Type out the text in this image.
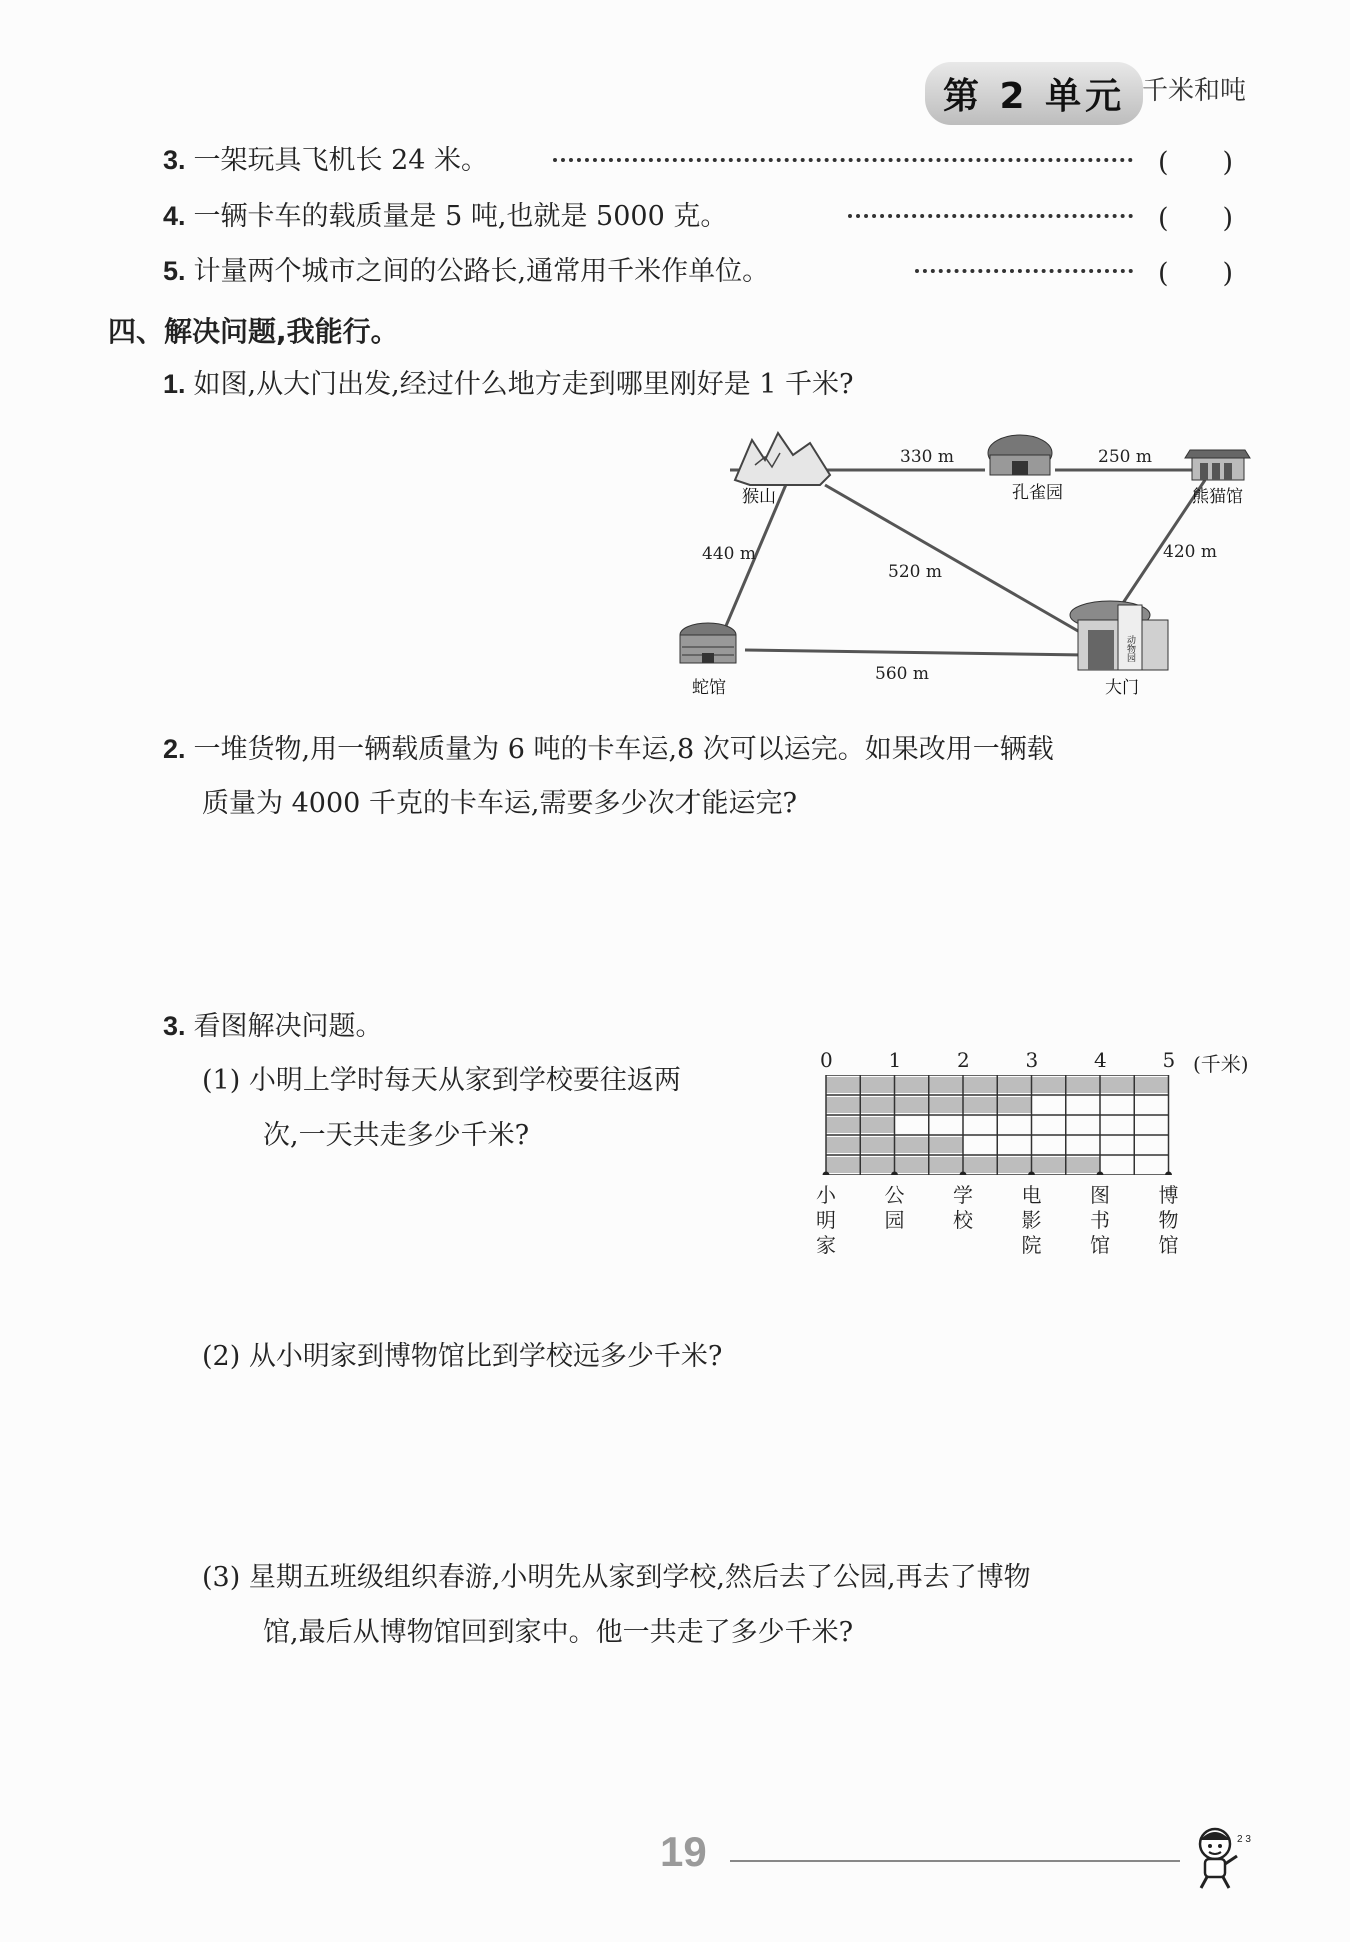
第 2 单元 千米和吨
3. 一架玩具飞机长 24 米。	(　　)
4. 一辆卡车的载质量是 5 吨,也就是 5000 克。	(　　)
5. 计量两个城市之间的公路长,通常用千米作单位。	(　　)
四、解决问题,我能行。
1. 如图,从大门出发,经过什么地方走到哪里刚好是 1 千米?
动物园
330 m	250 m
440 m
520 m
420 m
560 m
猴山	孔雀园	熊猫馆
蛇馆	大门
2. 一堆货物,用一辆载质量为 6 吨的卡车运,8 次可以运完。如果改用一辆载
质量为 4000 千克的卡车运,需要多少次才能运完?
3. 看图解决问题。
(1) 小明上学时每天从家到学校要往返两
次,一天共走多少千米?
0	1	2	3	4	5 (千米)
小明家
公园
学校
电影院
图书馆
博物馆
(2) 从小明家到博物馆比到学校远多少千米?
(3) 星期五班级组织春游,小明先从家到学校,然后去了公园,再去了博物
馆,最后从博物馆回到家中。他一共走了多少千米?
19	2 3
